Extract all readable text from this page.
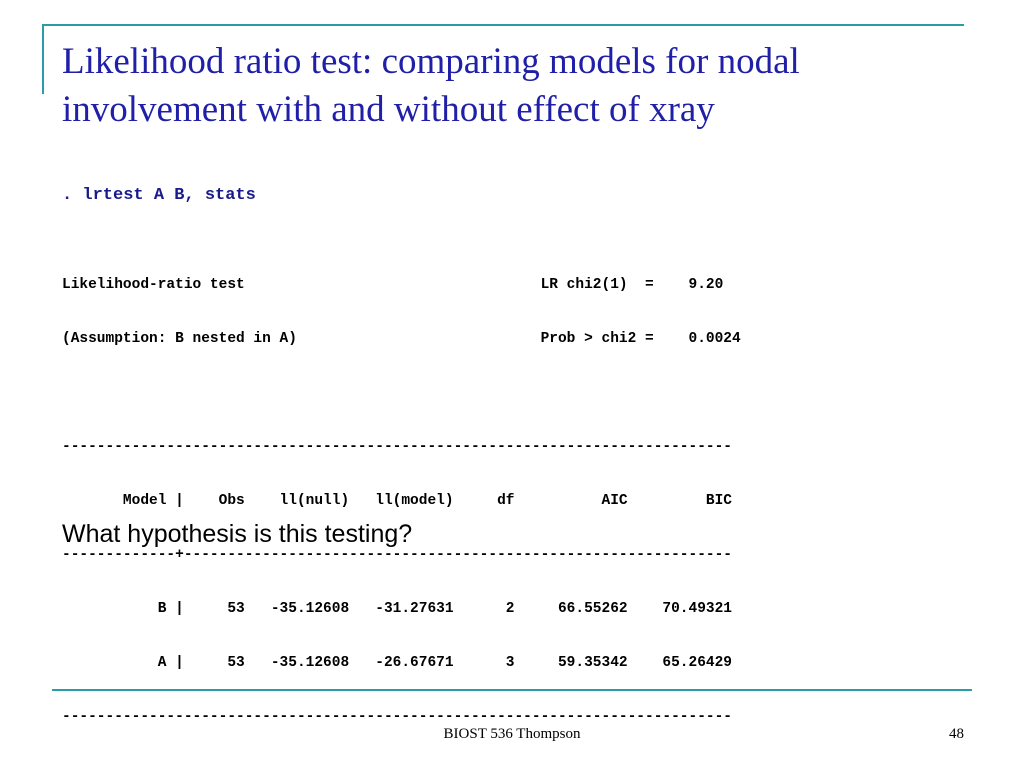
Likelihood ratio test: comparing models for nodal
involvement with and without effect of xray
. lrtest A B, stats

Likelihood-ratio test                                  LR chi2(1)  =    9.20

(Assumption: B nested in A)                            Prob > chi2 =    0.0024

-----------------------------------------------------------------------------

Model |    Obs    ll(null)   ll(model)     df          AIC         BIC

-------------+---------------------------------------------------------------

B |     53   -35.12608   -31.27631      2     66.55262    70.49321

A |     53   -35.12608   -26.67671      3     59.35342    65.26429

-----------------------------------------------------------------------------

What hypothesis is this testing?
BIOST 536 Thompson	48
